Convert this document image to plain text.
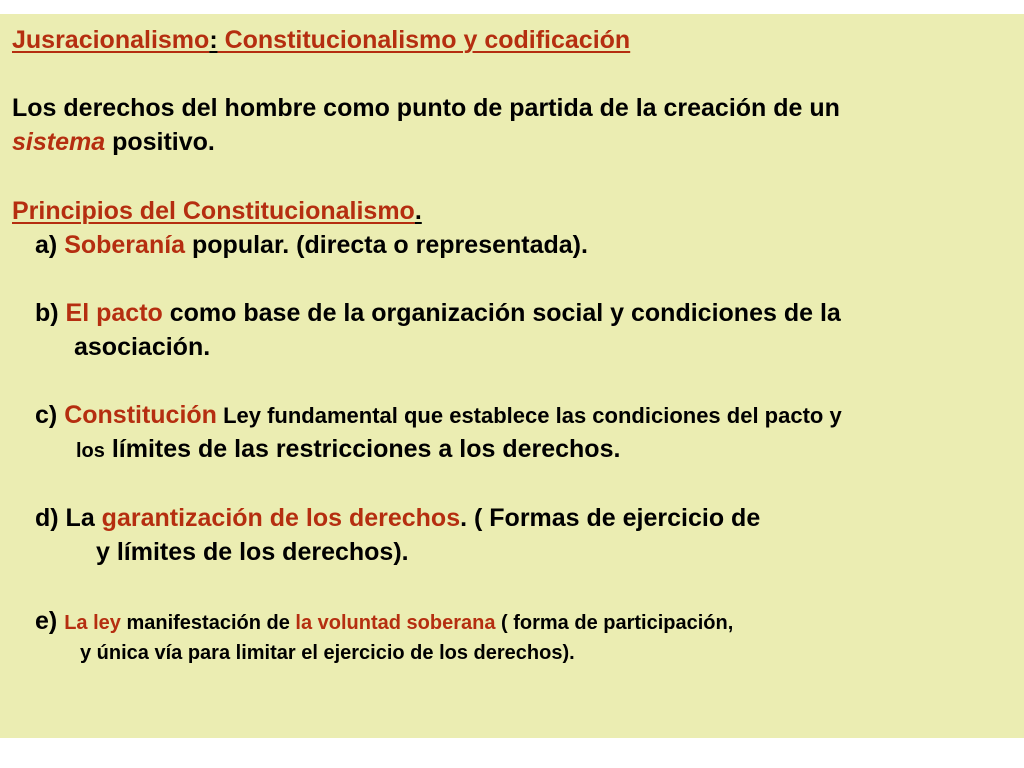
Jusracionalismo: Constitucionalismo y codificación
Los derechos del hombre como punto de partida de la creación de un
sistema positivo.
Principios del Constitucionalismo.
a) Soberanía popular. (directa o representada).
b) El pacto como base de la organización social y condiciones de la
asociación.
c) Constitución Ley fundamental que establece las condiciones del pacto y
los límites de las restricciones a los derechos.
d) La garantización de los derechos. ( Formas de ejercicio de
y límites de los derechos).
e) La ley manifestación de la voluntad soberana ( forma de participación,
y única vía para limitar el ejercicio de los derechos).
